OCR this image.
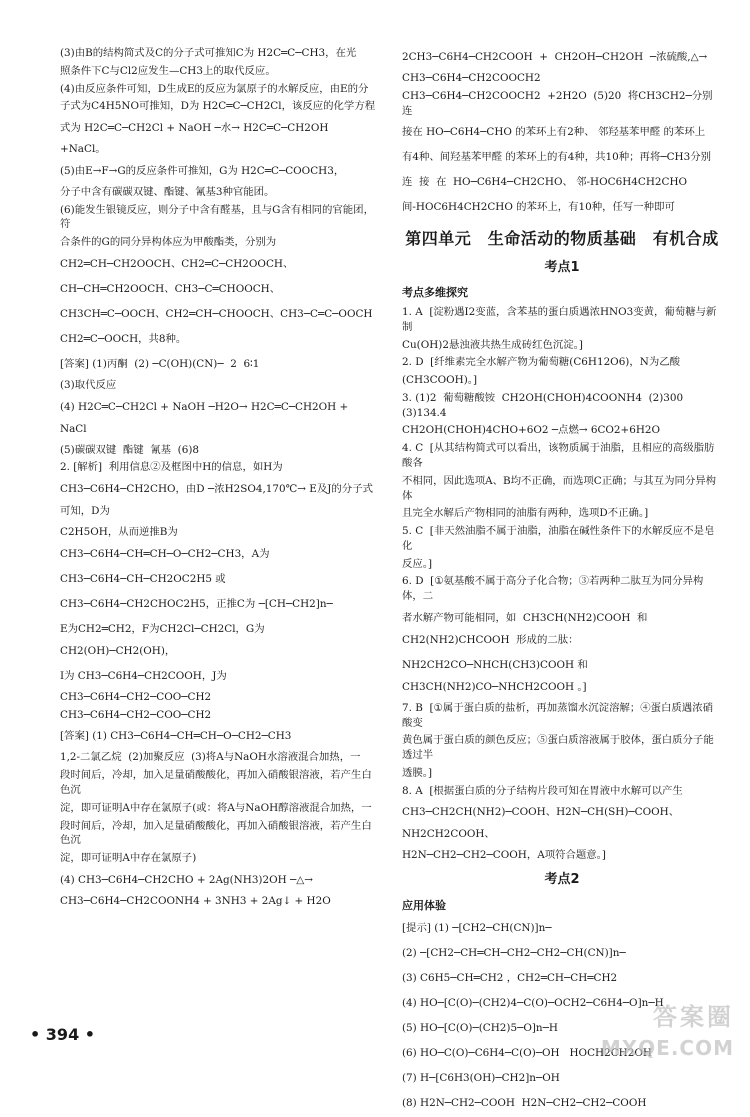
(3)由B的结构简式及C的分子式可推知C为 H2C═C─CH3，在光
照条件下C与Cl2应发生—CH3上的取代反应。
(4)由反应条件可知，D生成E的反应为氯原子的水解反应，由E的分
子式为C4H5NO可推知，D为 H2C═C─CH2Cl，该反应的化学方程
式为 H2C═C─CH2Cl + NaOH ─水→ H2C═C─CH2OH
+NaCl。
(5)由E→F→G的反应条件可推知，G为 H2C═C─COOCH3，
分子中含有碳碳双键、酯键、氰基3种官能团。
(6)能发生银镜反应，则分子中含有醛基，且与G含有相同的官能团，符
合条件的G的同分异构体应为甲酸酯类，分别为
CH2═CH─CH2OOCH、CH2═C─CH2OOCH、
CH─CH═CH2OOCH、CH3─C═CHOOCH、
CH3CH═C─OOCH、CH2═CH─CHOOCH、CH3─C═C─OOCH
CH2═C─OOCH，共8种。
[答案] (1)丙酮  (2) ─C(OH)(CN)─  2  6∶1
(3)取代反应
(4) H2C═C─CH2Cl + NaOH ─H2O→ H2C═C─CH2OH + NaCl
(5)碳碳双键  酯键  氰基  (6)8
2. [解析]  利用信息②及框图中H的信息，如H为
CH3─C6H4─CH2CHO，由D ─浓H2SO4,170℃→ E及J的分子式可知，D为
C2H5OH，从而逆推B为
CH3─C6H4─CH═CH─O─CH2─CH3，A为
CH3─C6H4─CH─CH2OC2H5 或
CH3─C6H4─CH2CHOC2H5，正推C为 ─[CH─CH2]n─
E为CH2═CH2，F为CH2Cl─CH2Cl，G为 CH2(OH)─CH2(OH)，
I为 CH3─C6H4─CH2COOH，J为
CH3─C6H4─CH2─COO─CH2
CH3─C6H4─CH2─COO─CH2
[答案] (1) CH3─C6H4─CH═CH─O─CH2─CH3
1,2-二氯乙烷  (2)加聚反应  (3)将A与NaOH水溶液混合加热，一
段时间后，冷却，加入足量硝酸酸化，再加入硝酸银溶液，若产生白色沉
淀，即可证明A中存在氯原子(或：将A与NaOH醇溶液混合加热，一
段时间后，冷却，加入足量硝酸酸化，再加入硝酸银溶液，若产生白色沉
淀，即可证明A中存在氯原子)
(4) CH3─C6H4─CH2CHO + 2Ag(NH3)2OH ─△→
CH3─C6H4─CH2COONH4 + 3NH3 + 2Ag↓ + H2O
2CH3─C6H4─CH2COOH  +  CH2OH─CH2OH  ─浓硫酸,△→
CH3─C6H4─CH2COOCH2
CH3─C6H4─CH2COOCH2  +2H2O  (5)20  将CH3CH2─分别连
接在 HO─C6H4─CHO 的苯环上有2种、 邻羟基苯甲醛 的苯环上
有4种、间羟基苯甲醛 的苯环上的有4种，共10种；再将─CH3分别
连  接  在  HO─C6H4─CH2CHO、 邻-HOC6H4CH2CHO
间-HOC6H4CH2CHO 的苯环上，有10种，任写一种即可
第四单元　生命活动的物质基础　有机合成
考点1
考点多维探究
1. A  [淀粉遇I2变蓝，含苯基的蛋白质遇浓HNO3变黄，葡萄糖与新制
Cu(OH)2悬浊液共热生成砖红色沉淀。]
2. D  [纤维素完全水解产物为葡萄糖(C6H12O6)，N为乙酸
(CH3COOH)。]
3. (1)2  葡萄糖酸铵  CH2OH(CHOH)4COONH4  (2)300  (3)134.4
CH2OH(CHOH)4CHO+6O2 ─点燃→ 6CO2+6H2O
4. C  [从其结构简式可以看出，该物质属于油脂，且相应的高级脂肪酸各
不相同，因此选项A、B均不正确，而选项C正确；与其互为同分异构体
且完全水解后产物相同的油脂有两种，选项D不正确。]
5. C  [非天然油脂不属于油脂，油脂在碱性条件下的水解反应不是皂化
反应。]
6. D  [①氨基酸不属于高分子化合物；③若两种二肽互为同分异构体，二
者水解产物可能相同，如  CH3CH(NH2)COOH  和  CH2(NH2)CHCOOH  形成的二肽：
NH2CH2CO─NHCH(CH3)COOH 和 CH3CH(NH2)CO─NHCH2COOH 。]
7. B  [①属于蛋白质的盐析，再加蒸馏水沉淀溶解；④蛋白质遇浓硝酸变
黄色属于蛋白质的颜色反应；⑤蛋白质溶液属于胶体，蛋白质分子能透过半
透膜。]
8. A  [根据蛋白质的分子结构片段可知在胃液中水解可以产生
CH3─CH2CH(NH2)─COOH、H2N─CH(SH)─COOH、NH2CH2COOH、
H2N─CH2─CH2─COOH，A项符合题意。]
考点2
应用体验
[提示] (1) ─[CH2─CH(CN)]n─
(2) ─[CH2─CH═CH─CH2─CH2─CH(CN)]n─
(3) C6H5─CH═CH2 ，CH2═CH─CH═CH2
(4) HO─[C(O)─(CH2)4─C(O)─OCH2─C6H4─O]n─H
(5) HO─[C(O)─(CH2)5─O]n─H
(6) HO─C(O)─C6H4─C(O)─OH   HOCH2CH2OH
(7) H─[C6H3(OH)─CH2]n─OH
(8) H2N─CH2─COOH  H2N─CH2─CH2─COOH
• 394 •
答案圈
MXQE.COM
